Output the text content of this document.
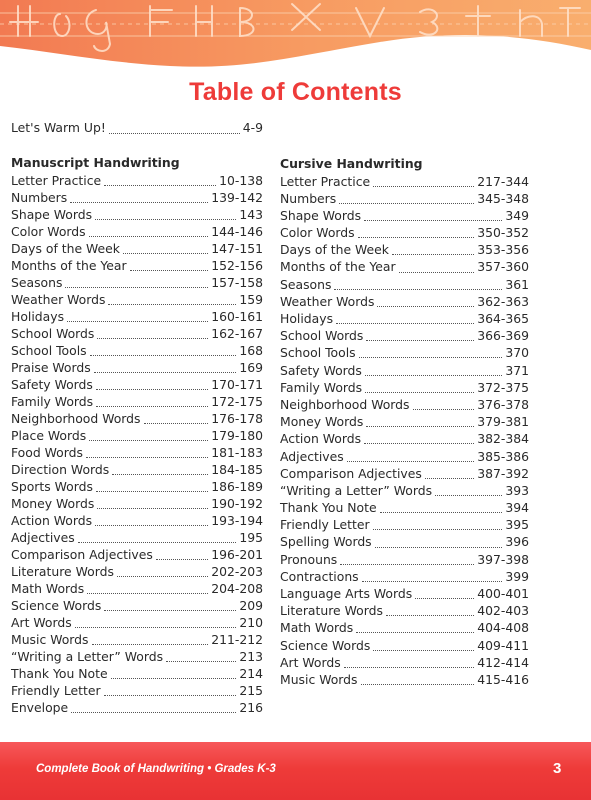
Table of Contents
Let's Warm Up!	4-9
Manuscript Handwriting
Letter Practice	10-138
Numbers	139-142
Shape Words	143
Color Words	144-146
Days of the Week	147-151
Months of the Year	152-156
Seasons	157-158
Weather Words	159
Holidays	160-161
School Words	162-167
School Tools	168
Praise Words	169
Safety Words	170-171
Family Words	172-175
Neighborhood Words	176-178
Place Words	179-180
Food Words	181-183
Direction Words	184-185
Sports Words	186-189
Money Words	190-192
Action Words	193-194
Adjectives	195
Comparison Adjectives	196-201
Literature Words	202-203
Math Words	204-208
Science Words	209
Art Words	210
Music Words	211-212
“Writing a Letter” Words	213
Thank You Note	214
Friendly Letter	215
Envelope	216
Cursive Handwriting
Letter Practice	217-344
Numbers	345-348
Shape Words	349
Color Words	350-352
Days of the Week	353-356
Months of the Year	357-360
Seasons	361
Weather Words	362-363
Holidays	364-365
School Words	366-369
School Tools	370
Safety Words	371
Family Words	372-375
Neighborhood Words	376-378
Money Words	379-381
Action Words	382-384
Adjectives	385-386
Comparison Adjectives	387-392
“Writing a Letter” Words	393
Thank You Note	394
Friendly Letter	395
Spelling Words	396
Pronouns	397-398
Contractions	399
Language Arts Words	400-401
Literature Words	402-403
Math Words	404-408
Science Words	409-411
Art Words	412-414
Music Words	415-416
Complete Book of Handwriting • Grades K-3	3
